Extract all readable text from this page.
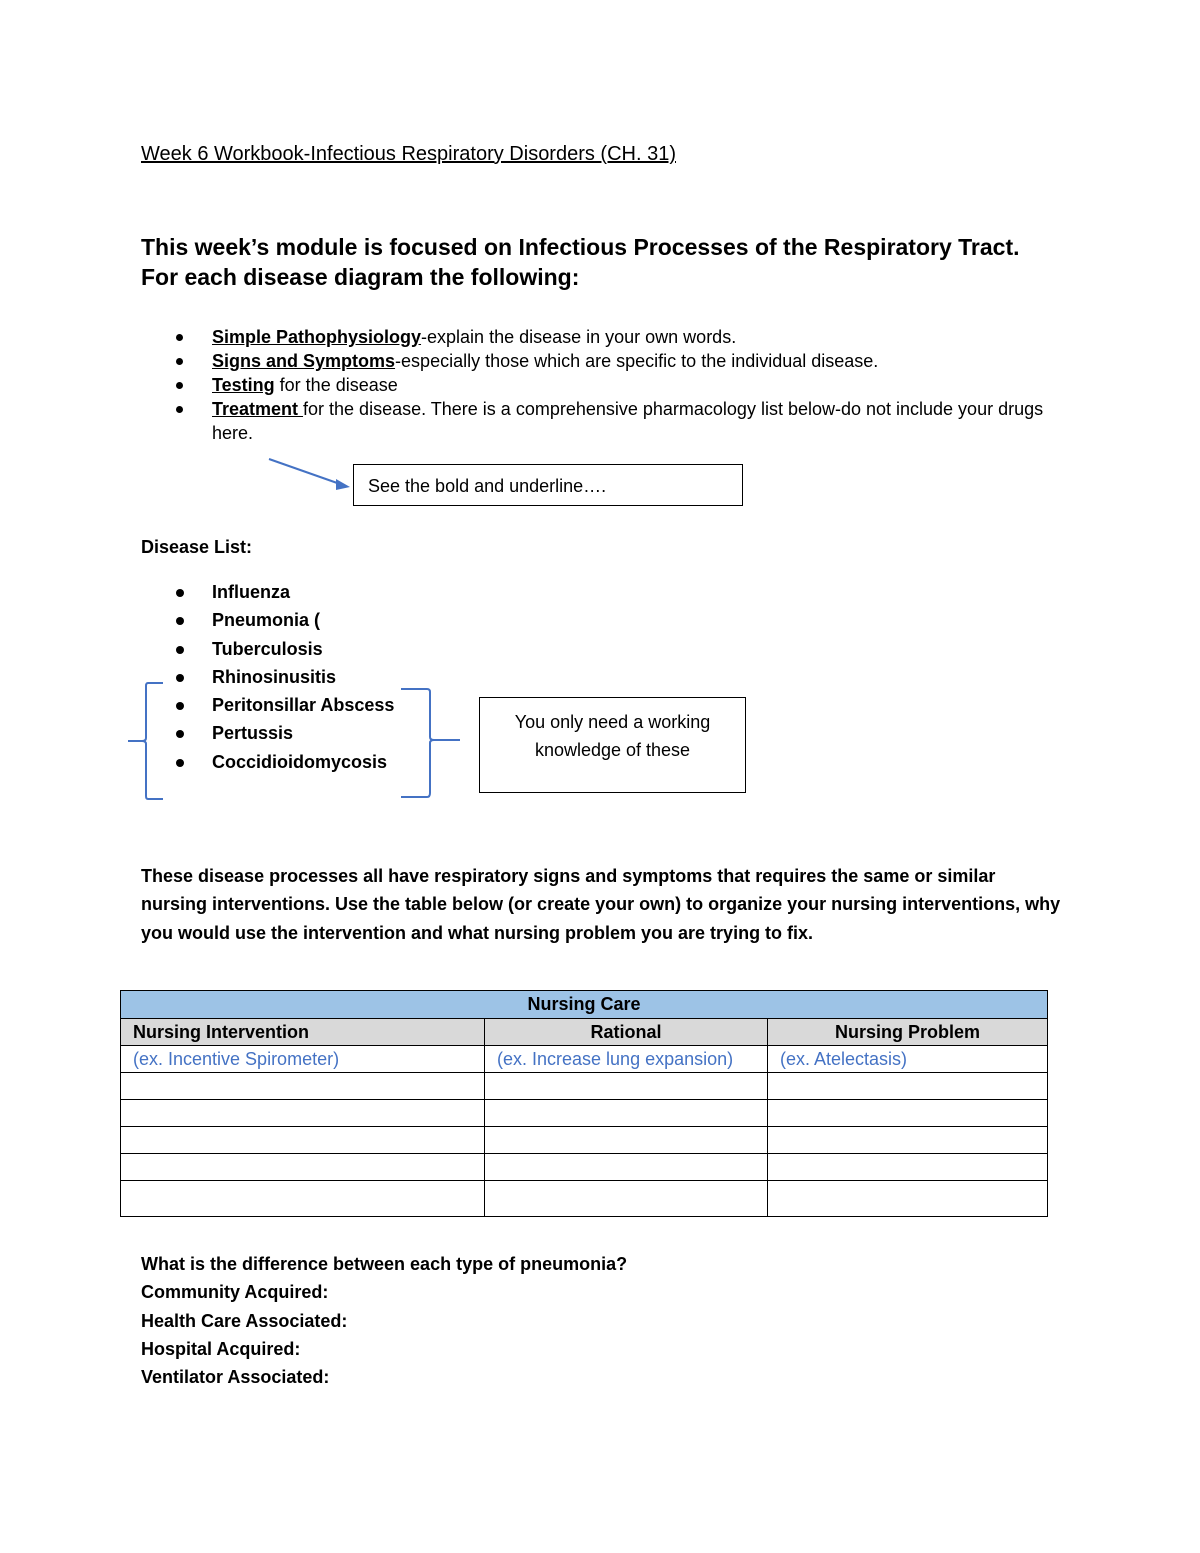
Week 6 Workbook-Infectious Respiratory Disorders (CH. 31)
This week’s module is focused on Infectious Processes of the Respiratory Tract.
For each disease diagram the following:
Simple Pathophysiology-explain the disease in your own words.
Signs and Symptoms-especially those which are specific to the individual disease.
Testing for the disease
Treatment for the disease. There is a comprehensive pharmacology list below-do not include your drugs here.
See the bold and underline….
Disease List:
Influenza
Pneumonia (
Tuberculosis
Rhinosinusitis
Peritonsillar Abscess
Pertussis
Coccidioidomycosis
You only need a working knowledge of these
These disease processes all have respiratory signs and symptoms that requires the same or similar nursing interventions. Use the table below (or create your own) to organize your nursing interventions, why you would use the intervention and what nursing problem you are trying to fix.
Nursing Care		
Nursing Intervention	Rational	Nursing Problem
(ex. Incentive Spirometer)	(ex. Increase lung expansion)	(ex. Atelectasis)

What is the difference between each type of pneumonia?
Community Acquired:
Health Care Associated:
Hospital Acquired:
Ventilator Associated:
